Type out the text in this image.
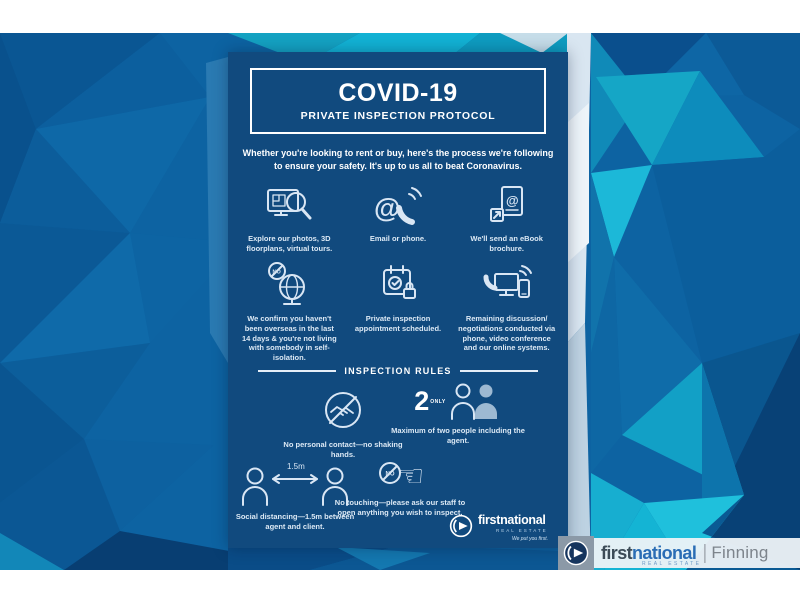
COVID-19
PRIVATE INSPECTION PROTOCOL
Whether you're looking to rent or buy, here's the process we're following to ensure your safety. It's up to us all to beat Coronavirus.
Explore our photos, 3D floorplans, virtual tours.
@
Email or phone.
@
We'll send an eBook brochure.
NO
We confirm you haven't been overseas in the last 14 days & you're not living with somebody in self-isolation.
Private inspection appointment scheduled.
Remaining discussion/ negotiations conducted via phone, video conference and our online systems.
INSPECTION RULES
No personal contact—no shaking hands.
2 ONLY
Maximum of two people including the agent.
1.5m
Social distancing—1.5m between agent and client.
NO ☜
No touching—please ask our staff to open anything you wish to inspect.
firstnational
REAL ESTATE
We put you first.
first national | Finning
REAL ESTATE
